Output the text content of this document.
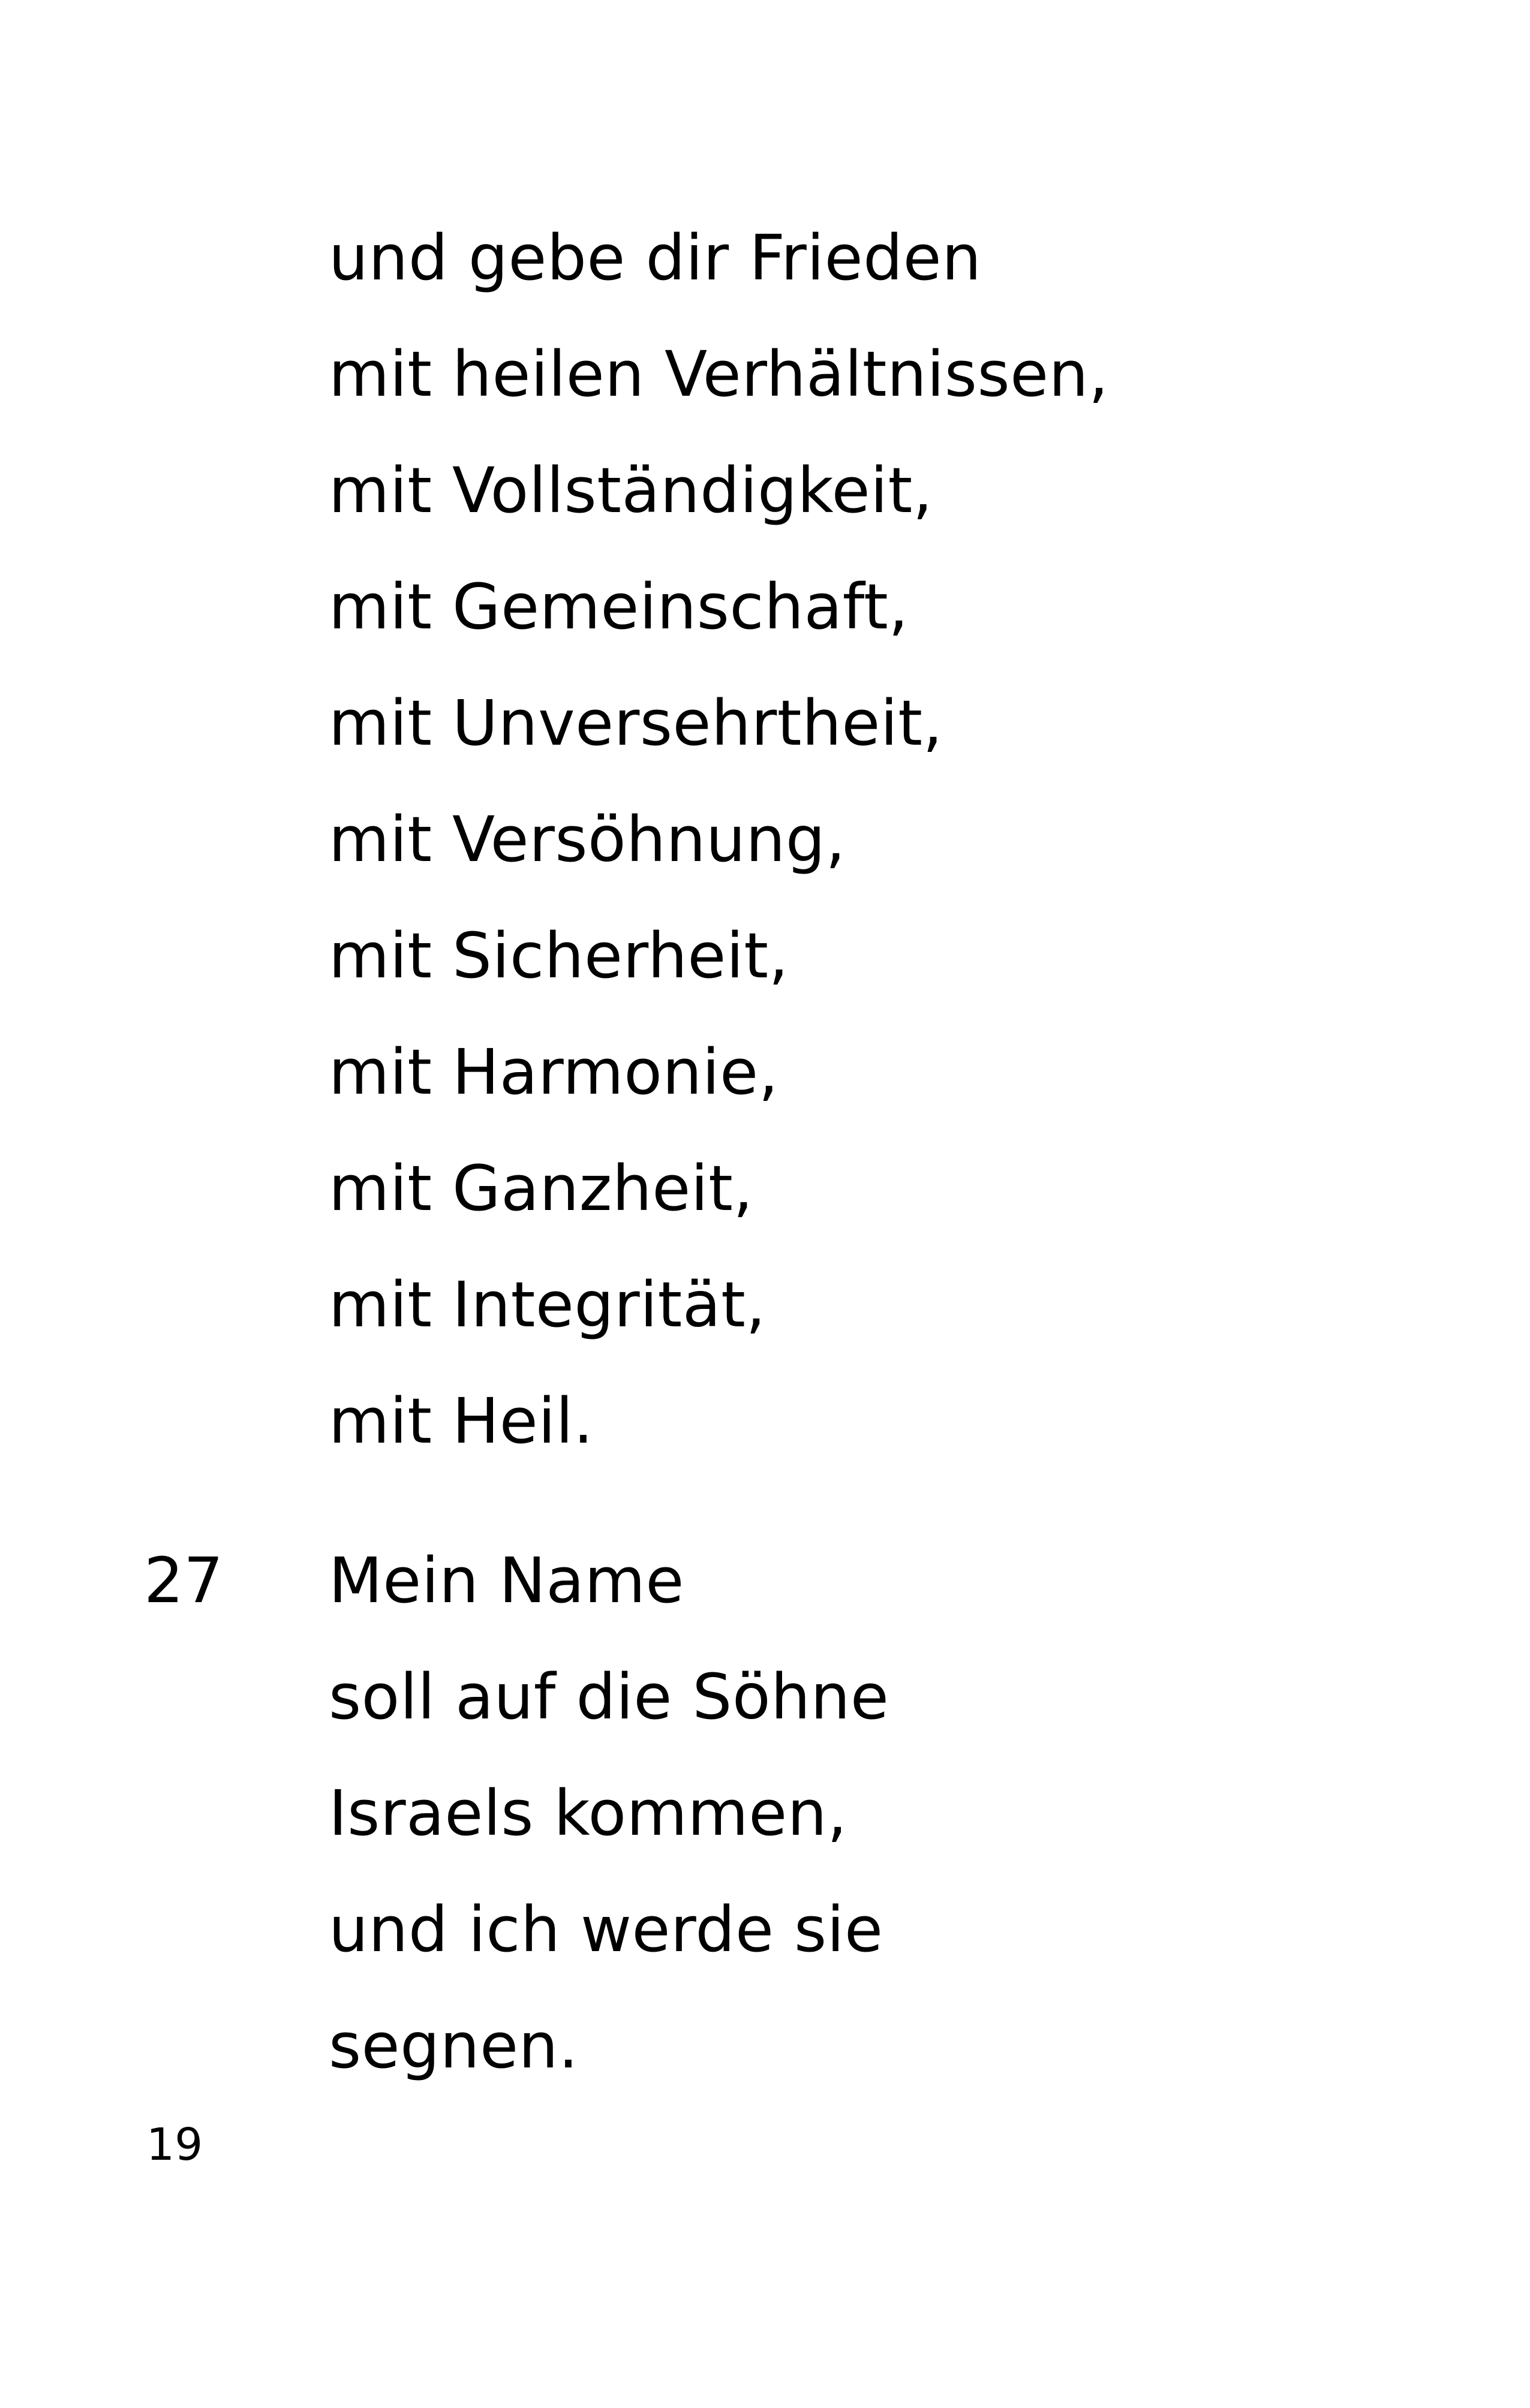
und gebe dir Frieden
mit heilen Verhältnissen,
mit Vollständigkeit,
mit Gemeinschaft,
mit Unversehrtheit,
mit Versöhnung,
mit Sicherheit,
mit Harmonie,
mit Ganzheit,
mit Integrität,
mit Heil.
27 Mein Name
soll auf die Söhne
Israels kommen,
und ich werde sie
segnen.
19
